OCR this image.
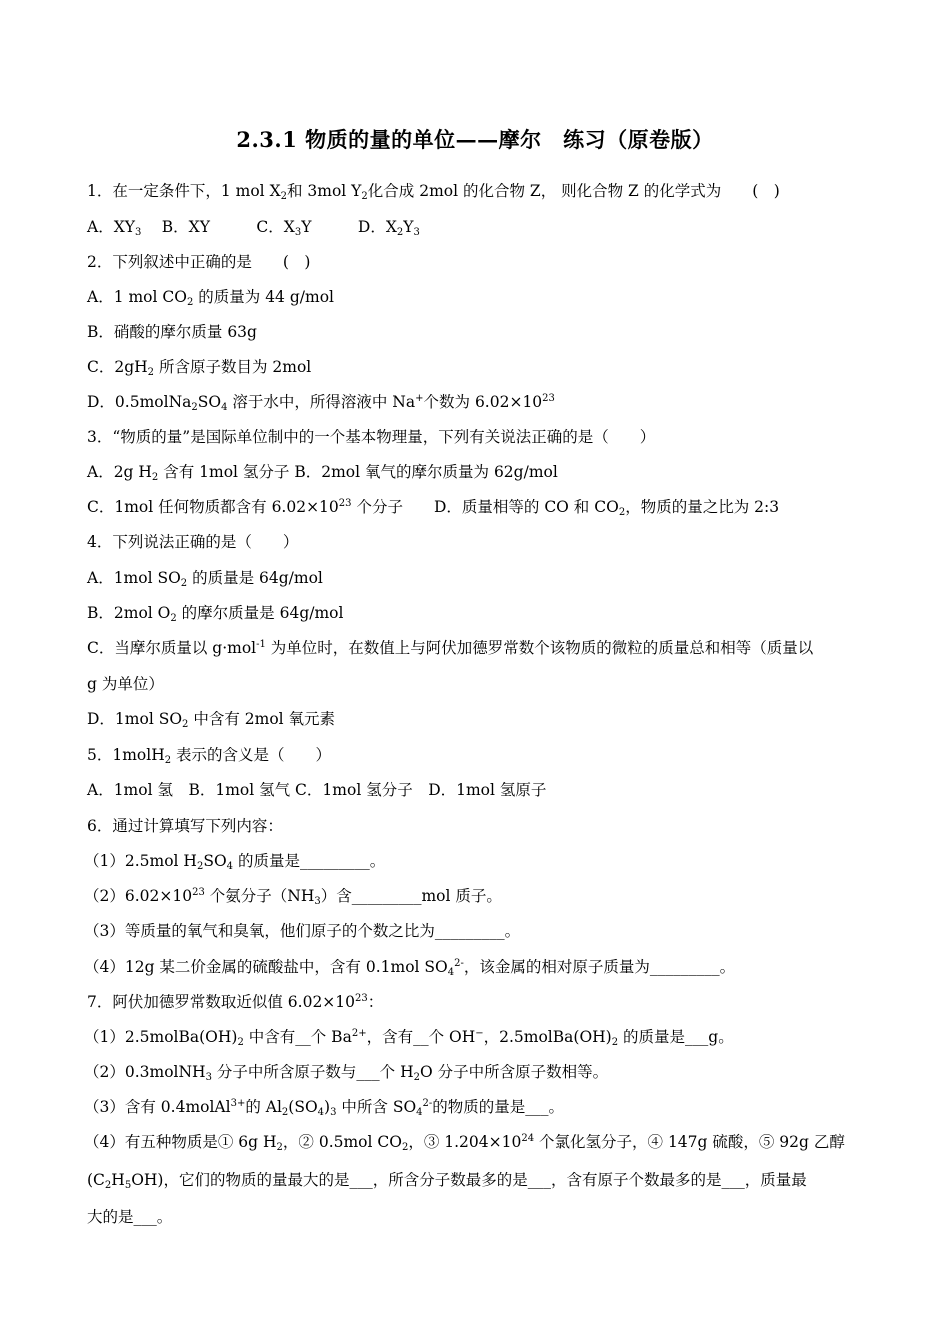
2.3.1 物质的量的单位——摩尔　练习（原卷版）
1．在一定条件下，1 mol $X_2$和 3mol $Y_2$化合成 2mol 的化合物 Z， 则化合物 Z 的化学式为　　(　)
A．$XY_3$　 B．XY　　　C．$X_3Y$　　　D．$X_2Y_3$
2．下列叙述中正确的是　　(　)
A．1 mol $CO_2$ 的质量为 44 g/mol
B．硝酸的摩尔质量 63g
C．$2gH_2$ 所含原子数目为 2mol
D．$0.5molNa_2SO_4$ 溶于水中，所得溶液中 Na+个数为 $6.02\times 10^{23}$
3．“物质的量”是国际单位制中的一个基本物理量，下列有关说法正确的是（　　）
A．2g $H_2$ 含有 1mol 氢分子 B．2mol 氧气的摩尔质量为 62g/mol
C．1mol 任何物质都含有 $6.02\times 10^{23}$ 个分子　　D．质量相等的 CO 和 $CO_2$，物质的量之比为 2:3
4．下列说法正确的是（　　）
A．1mol $SO_2$ 的质量是 64g/mol
B．2mol $O_2$ 的摩尔质量是 64g/mol
C．当摩尔质量以 g·mol$^{-1}$ 为单位时，在数值上与阿伏加德罗常数个该物质的微粒的质量总和相等（质量以
g 为单位）
D．1mol $SO_2$ 中含有 2mol 氧元素
5．1molH$_2$ 表示的含义是（　　）
A．1mol 氢　B．1mol 氢气 C．1mol 氢分子　D．1mol 氢原子
6．通过计算填写下列内容：
（1）2.5mol $H_2SO_4$ 的质量是_________。
$(2)6.02\times 10^{23}$ 个氨分子$(NH_3)$含_________mol 质子。
（3）等质量的氧气和臭氧，他们原子的个数之比为_________。
（4）12g 某二价金属的硫酸盐中，含有 0.1mol $SO_4^{2-}$，该金属的相对原子质量为_________。
7．阿伏加德罗常数取近似值 $6.02\times 10^{23}$：
$(1)2.5molBa(OH)_2$ 中含有__个 $Ba^{2+}$，含有__个 OH−，$2.5molBa(OH)_2$ 的质量是___g。
（2）0.3molNH$_3$ 分子中所含原子数与___个 $H_2O$ 分子中所含原子数相等。
（3）含有 0.4molAl$^{3+}$的 $Al_2(SO_4)_3$ 中所含 $SO_4^{2-}$的物质的量是___。
（4）有五种物质是① 6g $H_2$，② 0.5mol $CO_2$，③ $1.204\times 10^{24}$ 个氯化氢分子，④ 147g 硫酸，⑤ 92g 乙醇
$(C_2H_5OH)$，它们的物质的量最大的是___，所含分子数最多的是___，含有原子个数最多的是___，质量最
大的是___。
